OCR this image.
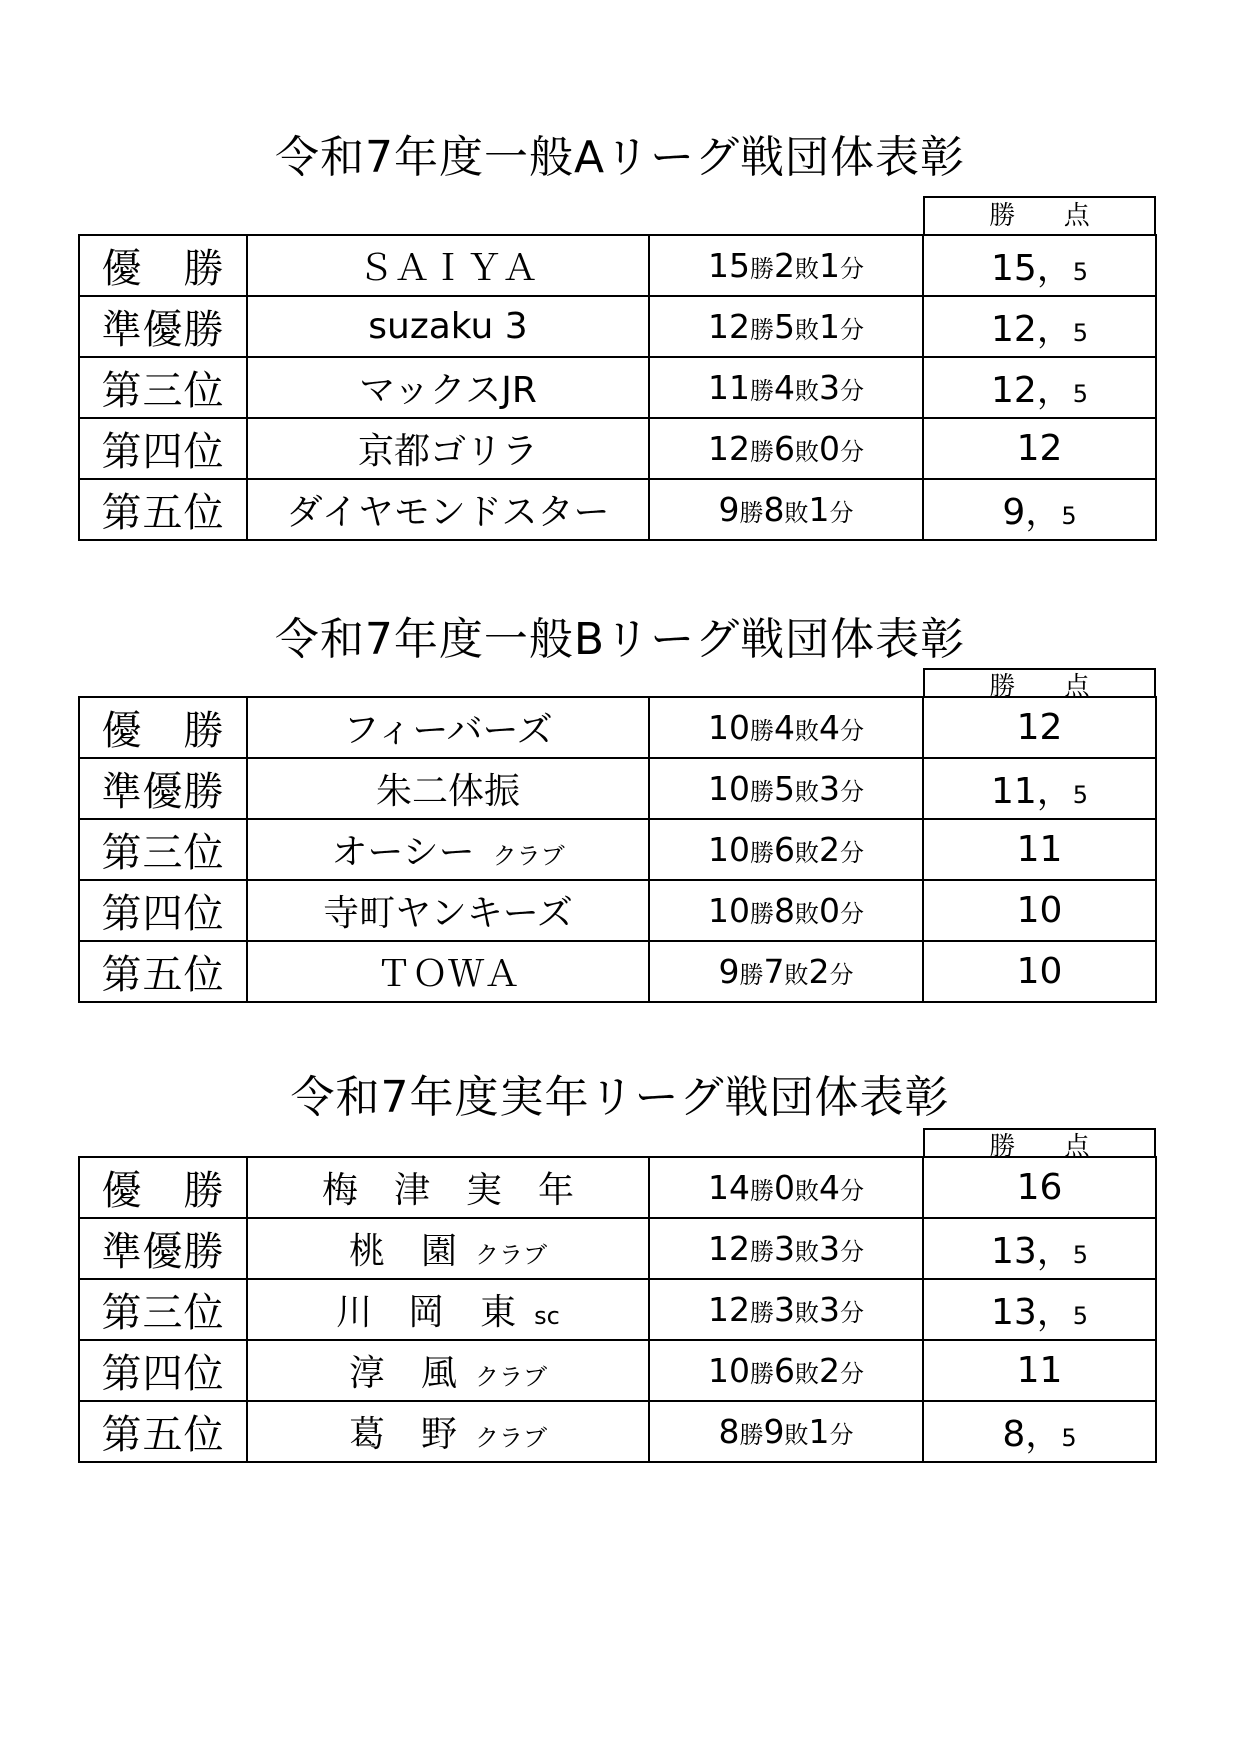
令和7年度一般Aリーグ戦団体表彰
勝 点
優　勝	ＳＡＩＹＡ	15勝2敗1分	15，5
準優勝	suzaku 3	12勝5敗1分	12，5
第三位	マックスJR	11勝4敗3分	12，5
第四位	京都ゴリラ	12勝6敗0分	12
第五位	ダイヤモンドスター	9勝8敗1分	9，5
令和7年度一般Bリーグ戦団体表彰
勝 点
優　勝	フィーバーズ	10勝4敗4分	12
準優勝	朱二体振	10勝5敗3分	11，5
第三位	オーシー クラブ	10勝6敗2分	11
第四位	寺町ヤンキーズ	10勝8敗0分	10
第五位	ＴＯＷＡ	9勝7敗2分	10
令和7年度実年リーグ戦団体表彰
勝 点
優　勝	梅　津　実　年	14勝0敗4分	16
準優勝	桃　園 クラブ	12勝3敗3分	13，5
第三位	川　岡　東 sc	12勝3敗3分	13，5
第四位	淳　風 クラブ	10勝6敗2分	11
第五位	葛　野 クラブ	8勝9敗1分	8，5
